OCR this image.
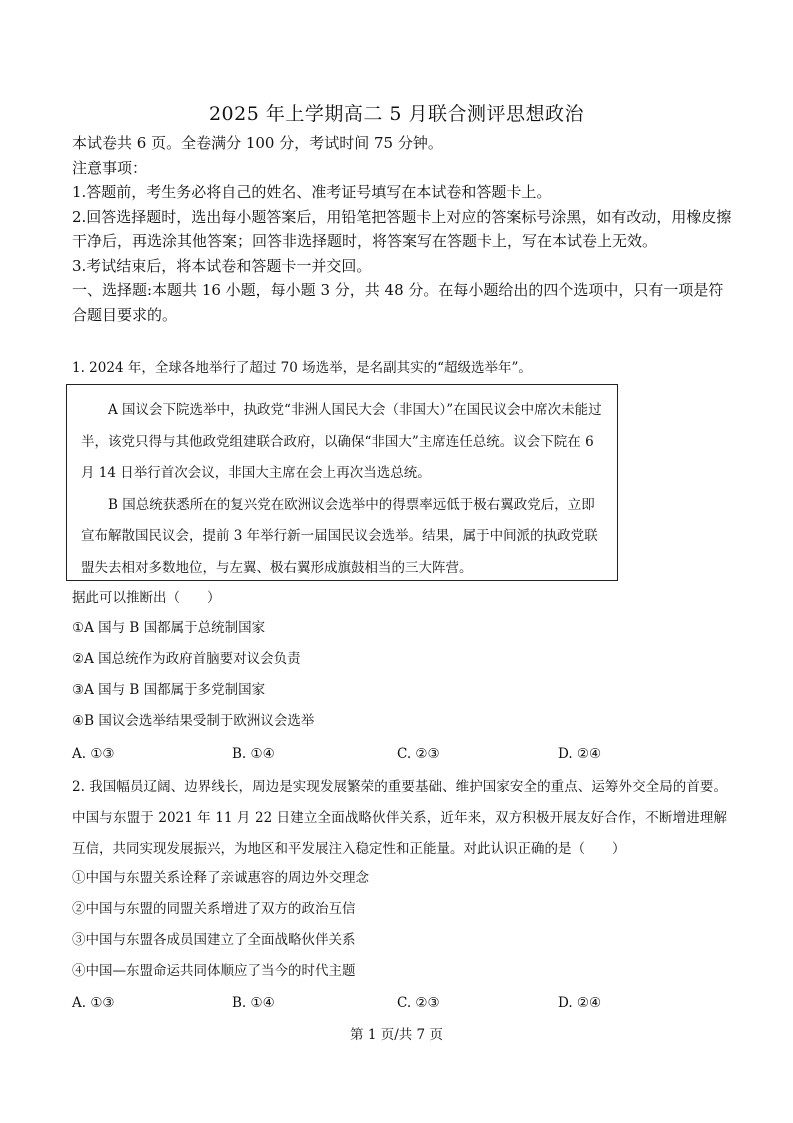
2025 年上学期高二 5 月联合测评思想政治

本试卷共 6 页。全卷满分 100 分，考试时间 75 分钟。

注意事项：

1.答题前，考生务必将自己的姓名、准考证号填写在本试卷和答题卡上。

2.回答选择题时，选出每小题答案后，用铅笔把答题卡上对应的答案标号涂黑，如有改动，用橡皮擦干净后，再选涂其他答案；回答非选择题时，将答案写在答题卡上，写在本试卷上无效。

3.考试结束后，将本试卷和答题卡一并交回。

一、选择题:本题共 16 小题，每小题 3 分，共 48 分。在每小题给出的四个选项中，只有一项是符合题目要求的。

1. 2024 年，全球各地举行了超过 70 场选举，是名副其实的“超级选举年”。

A 国议会下院选举中，执政党“非洲人国民大会（非国大）”在国民议会中席次未能过半，该党只得与其他政党组建联合政府，以确保“非国大”主席连任总统。议会下院在 6 月 14 日举行首次会议，非国大主席在会上再次当选总统。

B 国总统获悉所在的复兴党在欧洲议会选举中的得票率远低于极右翼政党后，立即宣布解散国民议会，提前 3 年举行新一届国民议会选举。结果，属于中间派的执政党联盟失去相对多数地位，与左翼、极右翼形成旗鼓相当的三大阵营。

据此可以推断出（　　）

①A 国与 B 国都属于总统制国家

②A 国总统作为政府首脑要对议会负责

③A 国与 B 国都属于多党制国家

④B 国议会选举结果受制于欧洲议会选举

A. ①③	B. ①④	C. ②③	D. ②④

2. 我国幅员辽阔、边界线长，周边是实现发展繁荣的重要基础、维护国家安全的重点、运筹外交全局的首要。中国与东盟于 2021 年 11 月 22 日建立全面战略伙伴关系，近年来，双方积极开展友好合作，不断增进理解互信，共同实现发展振兴，为地区和平发展注入稳定性和正能量。对此认识正确的是（　　）

①中国与东盟关系诠释了亲诚惠容的周边外交理念

②中国与东盟的同盟关系增进了双方的政治互信

③中国与东盟各成员国建立了全面战略伙伴关系

④中国—东盟命运共同体顺应了当今的时代主题

A. ①③	B. ①④	C. ②③	D. ②④

第 1 页/共 7 页
